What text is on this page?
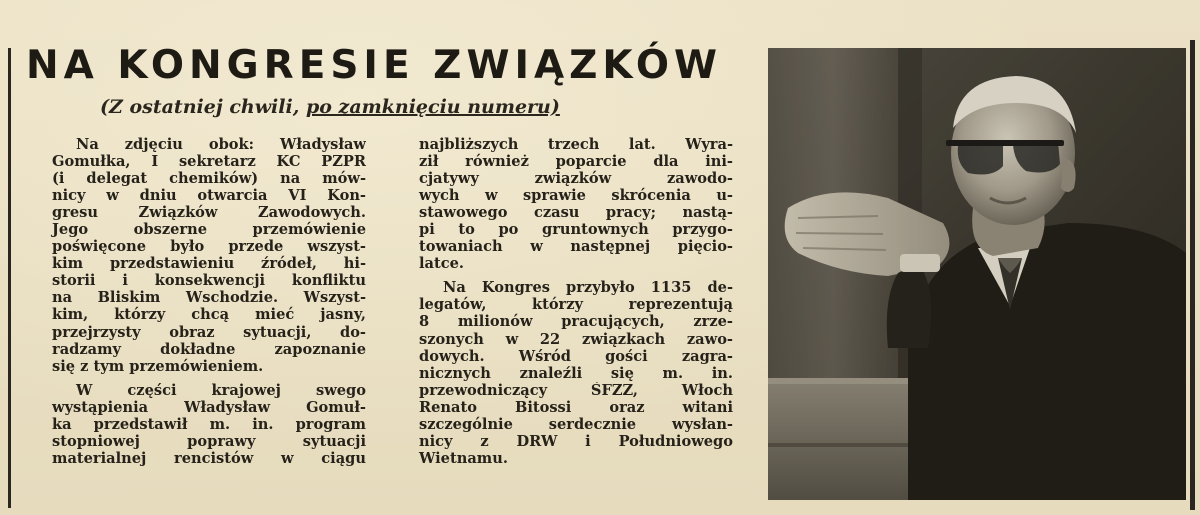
NA KONGRESIE ZWIĄZKÓW
(Z ostatniej chwili, po zamknięciu numeru)

Na zdjęciu obok: Władysław
Gomułka, I sekretarz KC PZPR
(i delegat chemików) na mów-
nicy w dniu otwarcia VI Kon-
gresu Związków Zawodowych.
Jego obszerne przemówienie
poświęcone było przede wszyst-
kim przedstawieniu źródeł, hi-
storii i konsekwencji konfliktu
na Bliskim Wschodzie. Wszyst-
kim, którzy chcą mieć jasny,
przejrzysty obraz sytuacji, do-
radzamy dokładne zapoznanie
się z tym przemówieniem.

W części krajowej swego
wystąpienia Władysław Gomuł-
ka przedstawił m. in. program
stopniowej poprawy sytuacji
materialnej rencistów w ciągu

najbliższych trzech lat. Wyra-
ził również poparcie dla ini-
cjatywy związków zawodo-
wych w sprawie skrócenia u-
stawowego czasu pracy; nastą-
pi to po gruntownych przygo-
towaniach w następnej pięcio-
latce.

Na Kongres przybyło 1135 de-
legatów, którzy reprezentują
8 milionów pracujących, zrze-
szonych w 22 związkach zawo-
dowych. Wśród gości zagra-
nicznych znaleźli się m. in.
przewodniczący ŚFZZ, Włoch
Renato Bitossi oraz witani
szczególnie serdecznie wysłan-
nicy z DRW i Południowego
Wietnamu.
